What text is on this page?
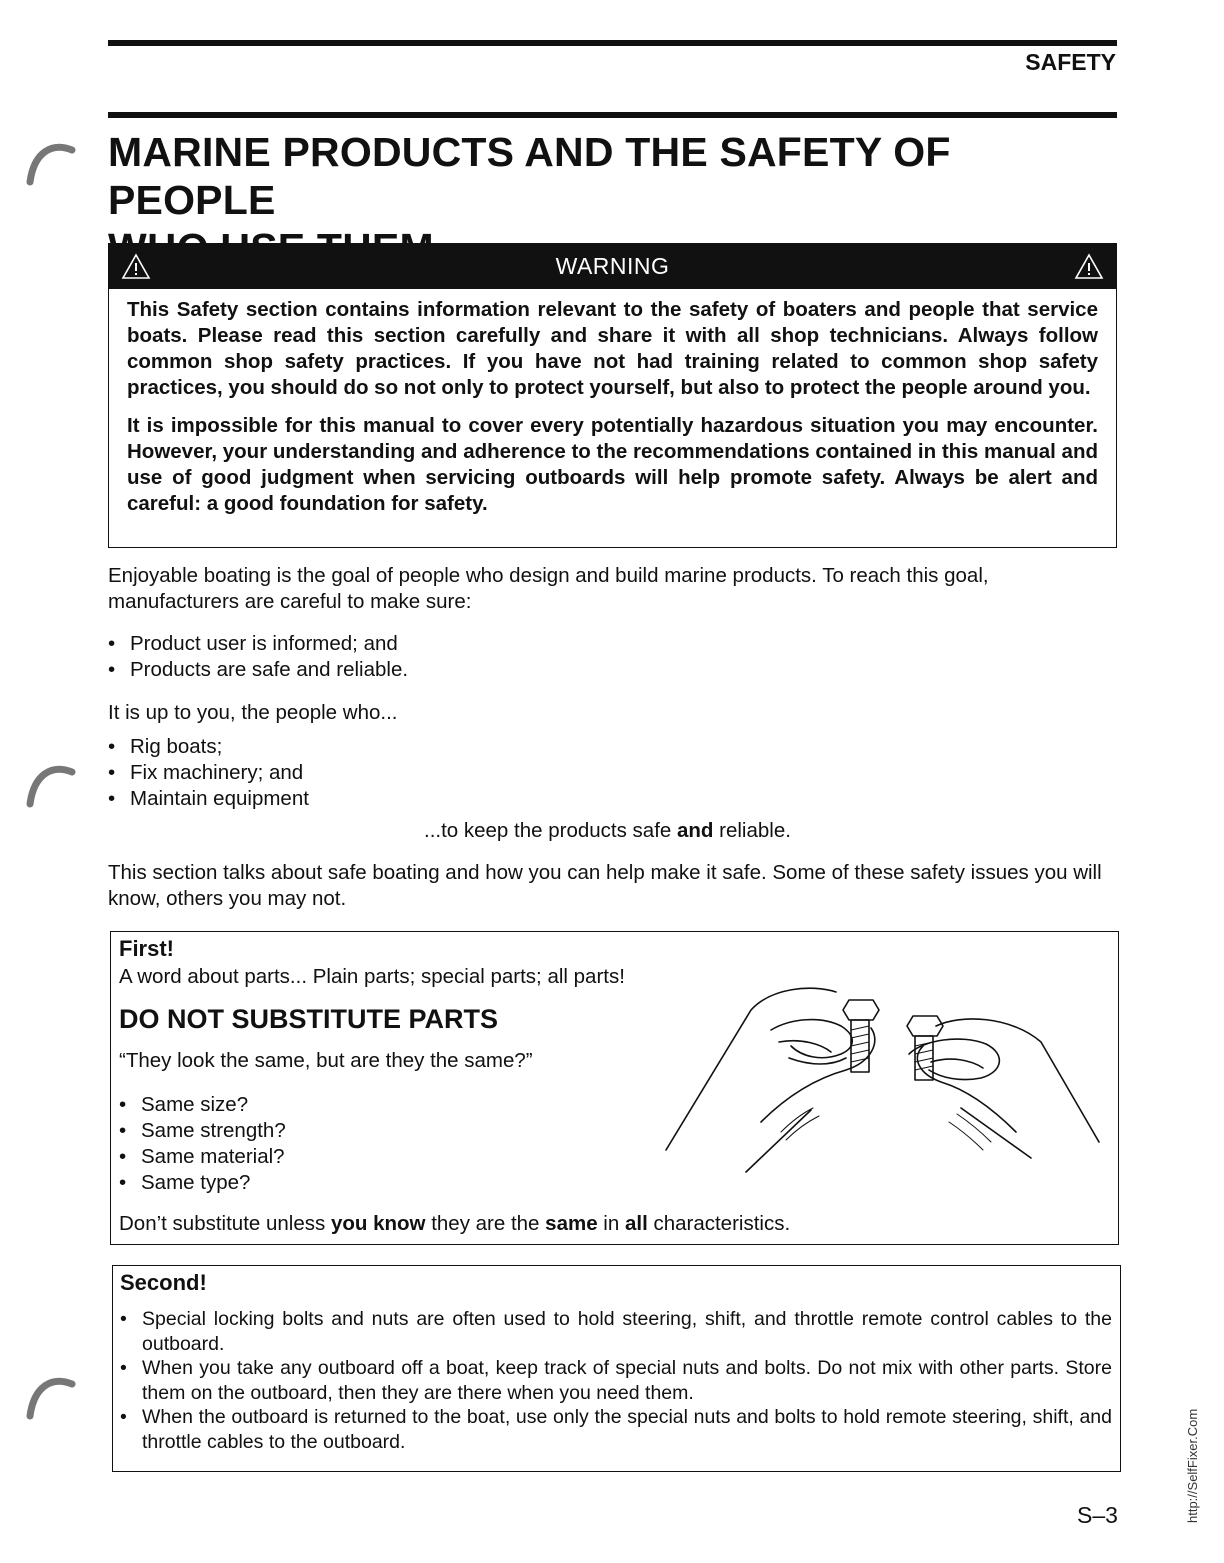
SAFETY
MARINE PRODUCTS AND THE SAFETY OF PEOPLE
WARNING

This Safety section contains information relevant to the safety of boaters and people that service boats. Please read this section carefully and share it with all shop technicians. Always follow common shop safety practices. If you have not had training related to common shop safety practices, you should do so not only to protect yourself, but also to protect the people around you.

It is impossible for this manual to cover every potentially hazardous situation you may encounter. However, your understanding and adherence to the recommendations contained in this manual and use of good judgment when servicing outboards will help promote safety. Always be alert and careful: a good foundation for safety.

Enjoyable boating is the goal of people who design and build marine products. To reach this goal, manufacturers are careful to make sure:
• Product user is informed; and
• Products are safe and reliable.
It is up to you, the people who...
• Rig boats;
• Fix machinery; and
• Maintain equipment
...to keep the products safe and reliable.
This section talks about safe boating and how you can help make it safe. Some of these safety issues you will know, others you may not.
First!
A word about parts... Plain parts; special parts; all parts!
DO NOT SUBSTITUTE PARTS
“They look the same, but are they the same?”
• Same size?
• Same strength?
• Same material?
• Same type?
Don’t substitute unless you know they are the same in all characteristics.
Second!
• Special locking bolts and nuts are often used to hold steering, shift, and throttle remote control cables to the outboard.
• When you take any outboard off a boat, keep track of special nuts and bolts. Do not mix with other parts. Store them on the outboard, then they are there when you need them.
• When the outboard is returned to the boat, use only the special nuts and bolts to hold remote steering, shift, and throttle cables to the outboard.
S–3	http://SelfFixer.Com
